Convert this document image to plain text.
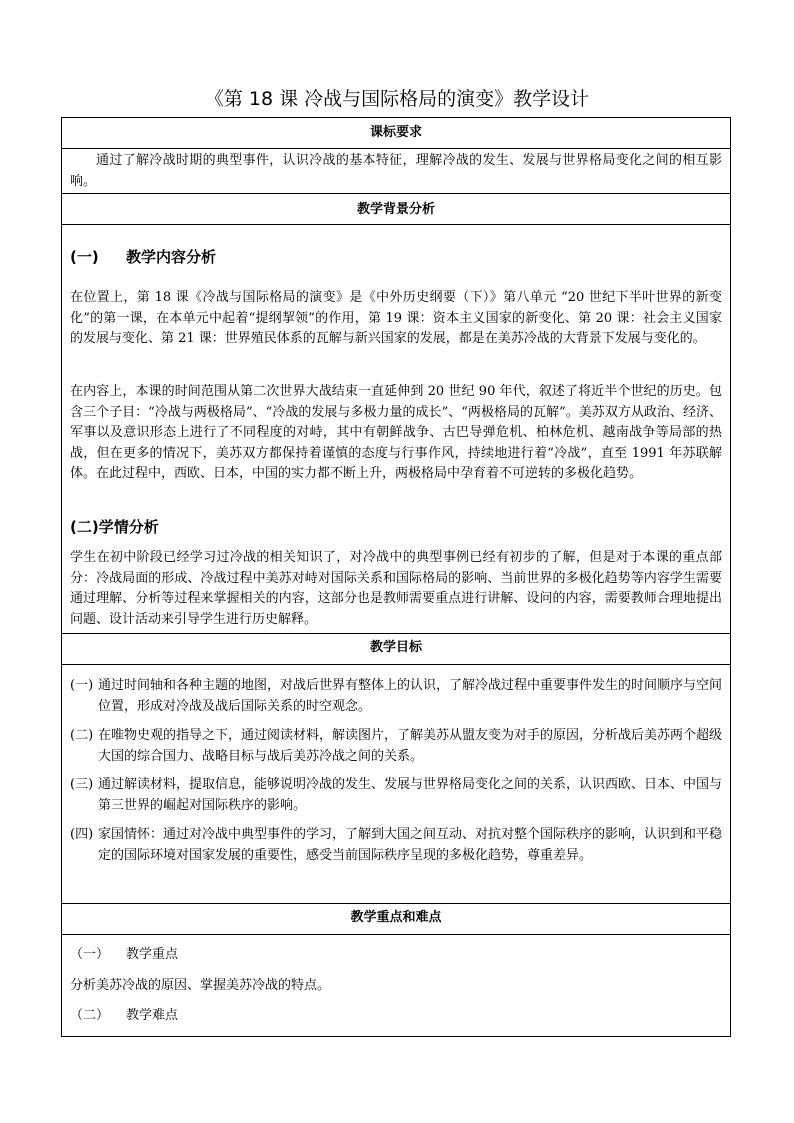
《第 18 课 冷战与国际格局的演变》教学设计
课标要求
通过了解冷战时期的典型事件，认识冷战的基本特征，理解冷战的发生、发展与世界格局变化之间的相互影响。
教学背景分析
(一) 教学内容分析
在位置上，第 18 课《冷战与国际格局的演变》是《中外历史纲要（下）》第八单元 “20 世纪下半叶世界的新变化”的第一课，在本单元中起着“提纲挈领”的作用，第 19 课：资本主义国家的新变化、第 20 课：社会主义国家的发展与变化、第 21 课：世界殖民体系的瓦解与新兴国家的发展，都是在美苏冷战的大背景下发展与变化的。
在内容上，本课的时间范围从第二次世界大战结束一直延伸到 20 世纪 90 年代，叙述了将近半个世纪的历史。包含三个子目：“冷战与两极格局”、“冷战的发展与多极力量的成长”、“两极格局的瓦解”。美苏双方从政治、经济、军事以及意识形态上进行了不同程度的对峙，其中有朝鲜战争、古巴导弹危机、柏林危机、越南战争等局部的热战，但在更多的情况下，美苏双方都保持着谨慎的态度与行事作风，持续地进行着“冷战”，直至 1991 年苏联解体。在此过程中，西欧、日本，中国的实力都不断上升，两极格局中孕育着不可逆转的多极化趋势。
(二)学情分析
学生在初中阶段已经学习过冷战的相关知识了，对冷战中的典型事例已经有初步的了解，但是对于本课的重点部分：冷战局面的形成、冷战过程中美苏对峙对国际关系和国际格局的影响、当前世界的多极化趋势等内容学生需要通过理解、分析等过程来掌握相关的内容，这部分也是教师需要重点进行讲解、设问的内容，需要教师合理地提出问题、设计活动来引导学生进行历史解释。
教学目标
(一) 通过时间轴和各种主题的地图，对战后世界有整体上的认识，了解冷战过程中重要事件发生的时间顺序与空间位置，形成对冷战及战后国际关系的时空观念。
(二) 在唯物史观的指导之下，通过阅读材料，解读图片，了解美苏从盟友变为对手的原因，分析战后美苏两个超级大国的综合国力、战略目标与战后美苏冷战之间的关系。
(三) 通过解读材料，提取信息，能够说明冷战的发生、发展与世界格局变化之间的关系，认识西欧、日本、中国与第三世界的崛起对国际秩序的影响。
(四) 家国情怀：通过对冷战中典型事件的学习，了解到大国之间互动、对抗对整个国际秩序的影响，认识到和平稳定的国际环境对国家发展的重要性，感受当前国际秩序呈现的多极化趋势，尊重差异。
教学重点和难点
（一） 教学重点
分析美苏冷战的原因、掌握美苏冷战的特点。
（二） 教学难点
